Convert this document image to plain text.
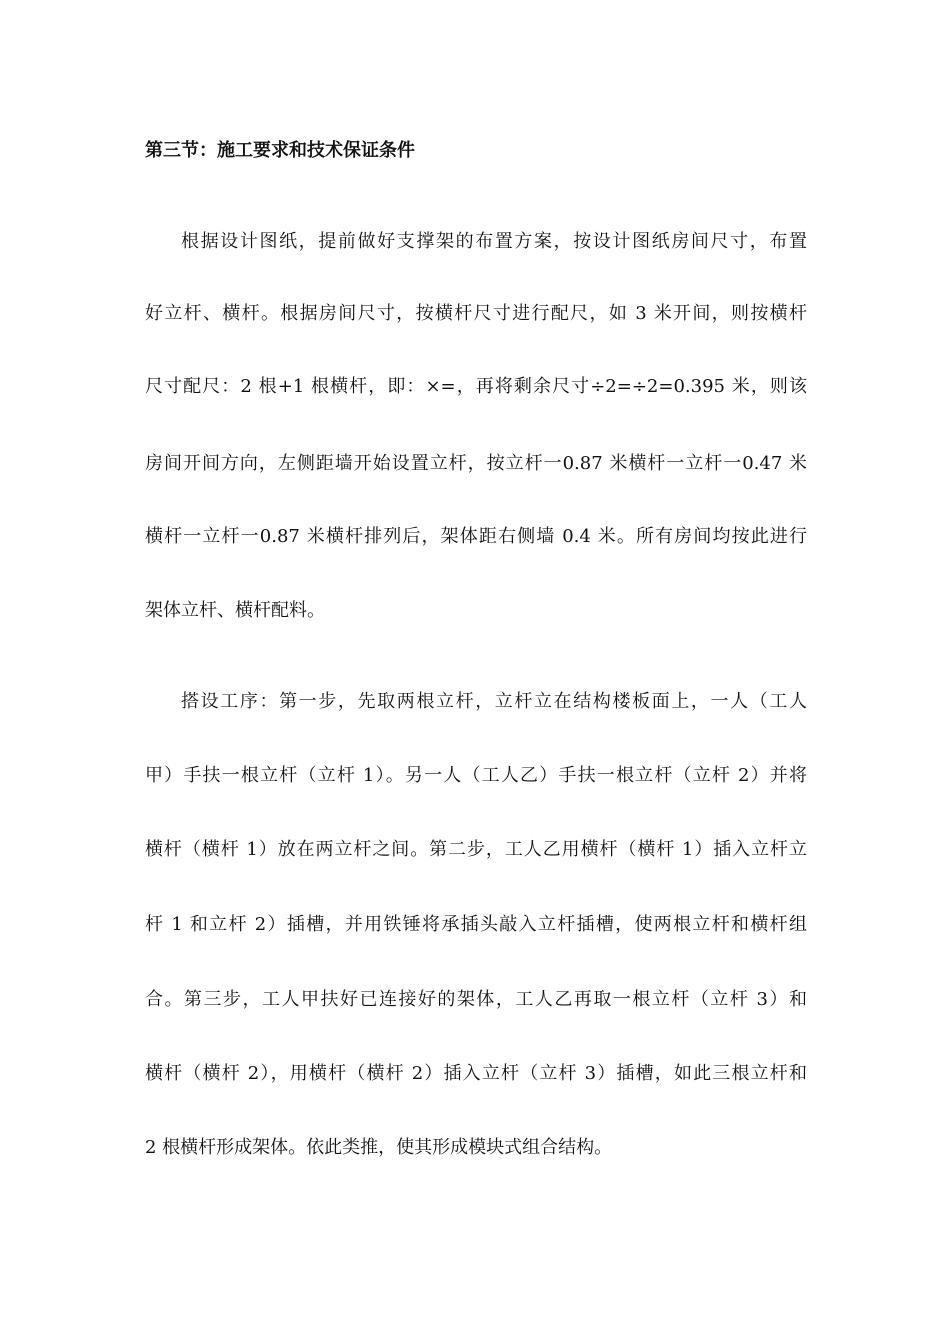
第三节：施工要求和技术保证条件
根据设计图纸，提前做好支撑架的布置方案，按设计图纸房间尺寸，布置
好立杆、横杆。根据房间尺寸，按横杆尺寸进行配尺，如 3 米开间，则按横杆
尺寸配尺：2 根+1 根横杆，即：×=，再将剩余尺寸÷2=÷2=0.395 米，则该
房间开间方向，左侧距墙开始设置立杆，按立杆一0.87 米横杆一立杆一0.47 米
横杆一立杆一0.87 米横杆排列后，架体距右侧墙 0.4 米。所有房间均按此进行
架体立杆、横杆配料。
搭设工序：第一步，先取两根立杆，立杆立在结构楼板面上，一人（工人
甲）手扶一根立杆（立杆 1）。另一人（工人乙）手扶一根立杆（立杆 2）并将
横杆（横杆 1）放在两立杆之间。第二步，工人乙用横杆（横杆 1）插入立杆立
杆 1 和立杆 2）插槽，并用铁锤将承插头敲入立杆插槽，使两根立杆和横杆组
合。第三步，工人甲扶好已连接好的架体，工人乙再取一根立杆（立杆 3）和
横杆（横杆 2），用横杆（横杆 2）插入立杆（立杆 3）插槽，如此三根立杆和
2 根横杆形成架体。依此类推，使其形成模块式组合结构。
